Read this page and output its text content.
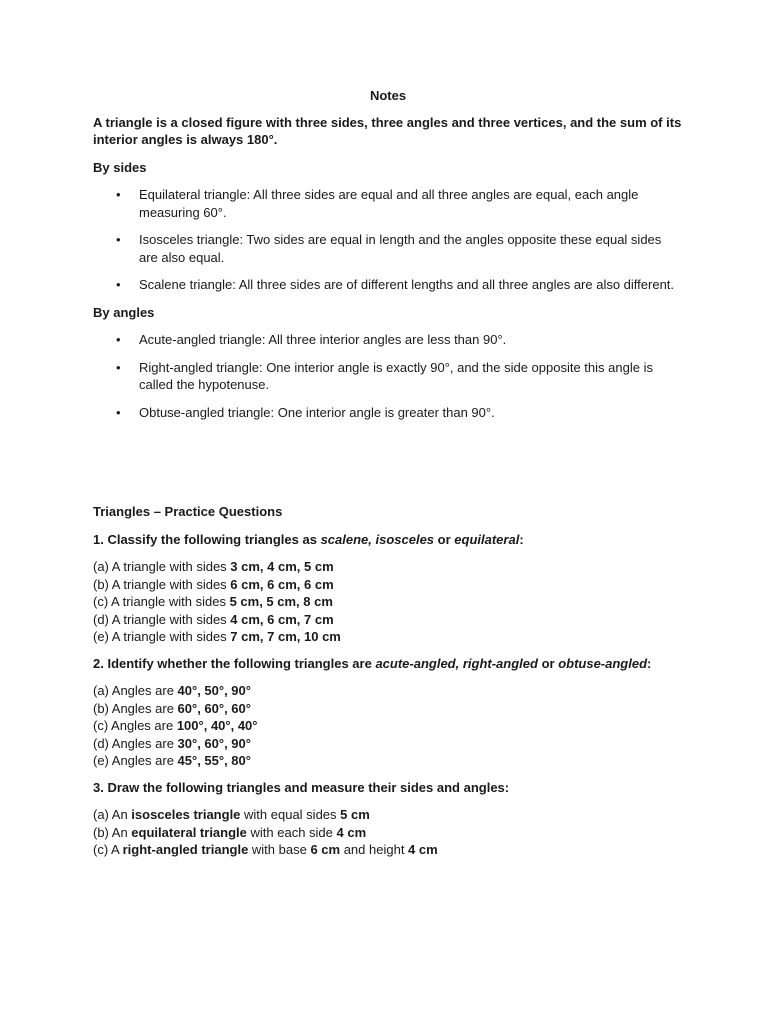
Notes

A triangle is a closed figure with three sides, three angles and three vertices, and the sum of its interior angles is always 180°.

By sides

• Equilateral triangle: All three sides are equal and all three angles are equal, each angle measuring 60°.
• Isosceles triangle: Two sides are equal in length and the angles opposite these equal sides are also equal.
• Scalene triangle: All three sides are of different lengths and all three angles are also different.

By angles

• Acute-angled triangle: All three interior angles are less than 90°.
• Right-angled triangle: One interior angle is exactly 90°, and the side opposite this angle is called the hypotenuse.
• Obtuse-angled triangle: One interior angle is greater than 90°.

Triangles – Practice Questions

1. Classify the following triangles as scalene, isosceles or equilateral:

(a) A triangle with sides 3 cm, 4 cm, 5 cm
(b) A triangle with sides 6 cm, 6 cm, 6 cm
(c) A triangle with sides 5 cm, 5 cm, 8 cm
(d) A triangle with sides 4 cm, 6 cm, 7 cm
(e) A triangle with sides 7 cm, 7 cm, 10 cm

2. Identify whether the following triangles are acute-angled, right-angled or obtuse-angled:

(a) Angles are 40°, 50°, 90°
(b) Angles are 60°, 60°, 60°
(c) Angles are 100°, 40°, 40°
(d) Angles are 30°, 60°, 90°
(e) Angles are 45°, 55°, 80°

3. Draw the following triangles and measure their sides and angles:

(a) An isosceles triangle with equal sides 5 cm
(b) An equilateral triangle with each side 4 cm
(c) A right-angled triangle with base 6 cm and height 4 cm
